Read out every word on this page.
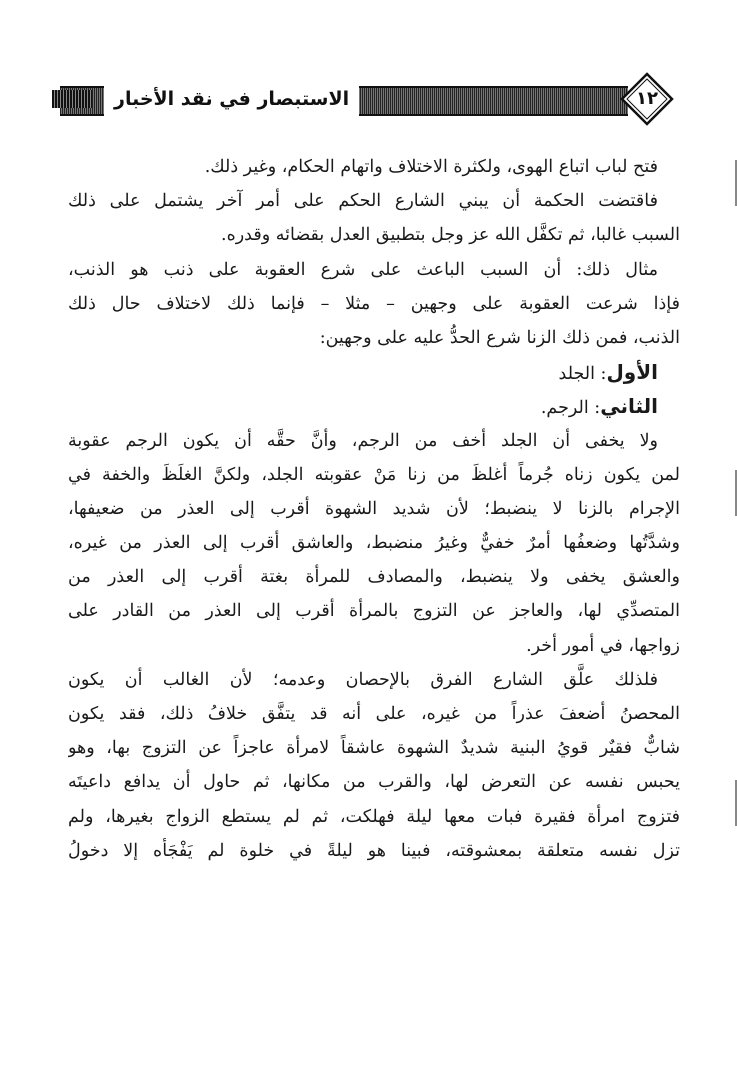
الاستبصار في نقد الأخبار	١٢
فتح لباب اتباع الهوى، ولكثرة الاختلاف واتهام الحكام، وغير ذلك.
فاقتضت الحكمة أن يبني الشارع الحكم على أمر آخر يشتمل على ذلك
السبب غالبا، ثم تكفَّل الله عز وجل بتطبيق العدل بقضائه وقدره.
مثال ذلك: أن السبب الباعث على شرع العقوبة على ذنب هو الذنب،
فإذا شرعت العقوبة على وجهين – مثلا – فإنما ذلك لاختلاف حال ذلك
الذنب، فمن ذلك الزنا شرع الحدُّ عليه على وجهين:
الأول: الجلد
الثاني: الرجم.
ولا يخفى أن الجلد أخف من الرجم، وأنَّ حقَّه أن يكون الرجم عقوبة
لمن يكون زناه جُرماً أغلظَ من زنا مَنْ عقوبته الجلد، ولكنَّ الغلَظَ والخفة في
الإجرام بالزنا لا ينضبط؛ لأن شديد الشهوة أقرب إلى العذر من ضعيفها،
وشدَّتُها وضعفُها أمرٌ خفيٌّ وغيرُ منضبط، والعاشق أقرب إلى العذر من غيره،
والعشق يخفى ولا ينضبط، والمصادف للمرأة بغتة أقرب إلى العذر من
المتصدِّي لها، والعاجز عن التزوج بالمرأة أقرب إلى العذر من القادر على
زواجها، في أمور أخر.
فلذلك علَّق الشارع الفرق بالإحصان وعدمه؛ لأن الغالب أن يكون
المحصنُ أضعفَ عذراً من غيره، على أنه قد يتفَّق خلافُ ذلك، فقد يكون
شابٌّ فقيٌر قويُ البنية شديدٌ الشهوة عاشقاً لامرأة عاجزاً عن التزوج بها، وهو
يحبس نفسه عن التعرض لها، والقرب من مكانها، ثم حاول أن يدافع داعيتَه
فتزوج امرأة فقيرة فبات معها ليلة فهلكت، ثم لم يستطع الزواج بغيرها، ولم
تزل نفسه متعلقة بمعشوقته، فبينا هو ليلةً في خلوة لم يَفْجَأه إلا دخولُ
